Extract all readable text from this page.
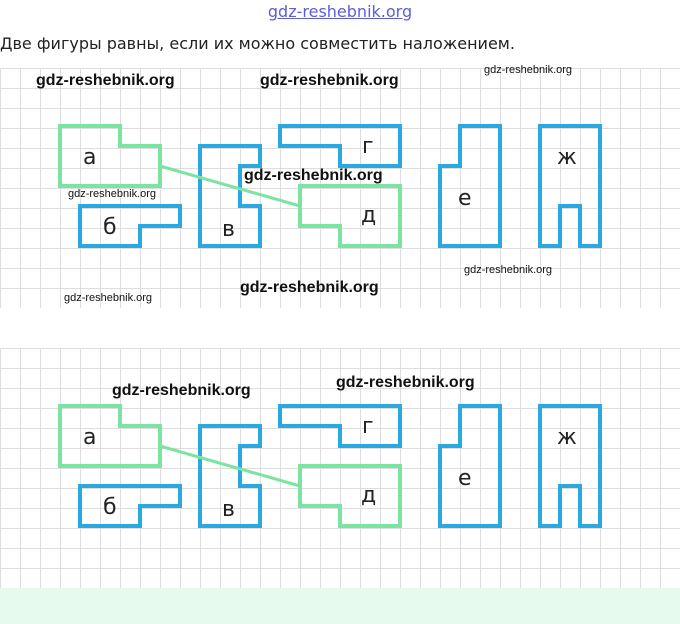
gdz-reshebnik.org
Две фигуры равны, если их можно совместить наложением.
а
б	в
г
д
е
ж
gdz-reshebnik.org	gdz-reshebnik.org
gdz-reshebnik.org
gdz-reshebnik.org
gdz-reshebnik.org
gdz-reshebnik.org
gdz-reshebnik.org
gdz-reshebnik.org
а
б	в
г
д
е
ж
gdz-reshebnik.org	gdz-reshebnik.org
